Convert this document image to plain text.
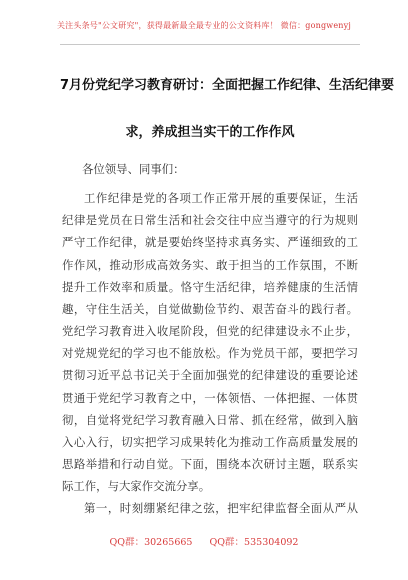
关注头条号"公文研究"，获得最新最全最专业的公文资料库！ 微信：gongwenyj
7月份党纪学习教育研讨：全面把握工作纪律、生活纪律要
求，养成担当实干的工作作风
各位领导、同事们：
工作纪律是党的各项工作正常开展的重要保证，生活
纪律是党员在日常生活和社会交往中应当遵守的行为规则
严守工作纪律，就是要始终坚持求真务实、严谨细致的工
作作风，推动形成高效务实、敢于担当的工作氛围，不断
提升工作效率和质量。恪守生活纪律，培养健康的生活情
趣，守住生活关，自觉做勤俭节约、艰苦奋斗的践行者。
党纪学习教育进入收尾阶段，但党的纪律建设永不止步，
对党规党纪的学习也不能放松。作为党员干部，要把学习
贯彻习近平总书记关于全面加强党的纪律建设的重要论述
贯通于党纪学习教育之中，一体领悟、一体把握、一体贯
彻，自觉将党纪学习教育融入日常、抓在经常，做到入脑
入心入行，切实把学习成果转化为推动工作高质量发展的
思路举措和行动自觉。下面，围绕本次研讨主题，联系实
际工作，与大家作交流分享。
第一，时刻绷紧纪律之弦，把牢纪律监督全面从严从
QQ群：30265665 QQ群：535304092
